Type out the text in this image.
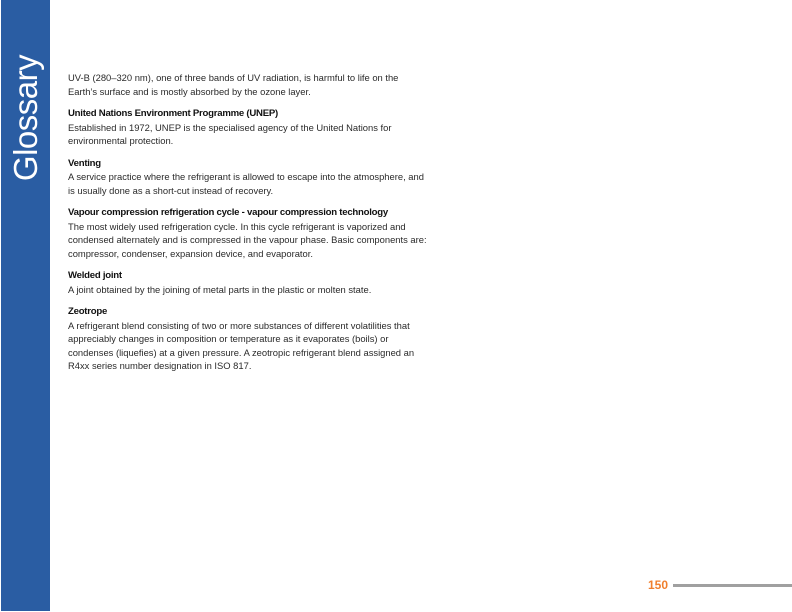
Glossary	UV-B (280–320 nm), one of three bands of UV radiation, is harmful to life on the Earth’s surface and is mostly absorbed by the ozone layer.
United Nations Environment Programme (UNEP)
Established in 1972, UNEP is the specialised agency of the United Nations for environmental protection.
Venting
A service practice where the refrigerant is allowed to escape into the atmosphere, and is usually done as a short-cut instead of recovery.
Vapour compression refrigeration cycle - vapour compression technology
The most widely used refrigeration cycle. In this cycle refrigerant is vaporized and condensed alternately and is compressed in the vapour phase. Basic components are: compressor, condenser, expansion device, and evaporator.
Welded joint
A joint obtained by the joining of metal parts in the plastic or molten state.
Zeotrope
A refrigerant blend consisting of two or more substances of different volatilities that appreciably changes in composition or temperature as it evaporates (boils) or condenses (liquefies) at a given pressure. A zeotropic refrigerant blend assigned an R4xx series number designation in ISO 817.
150
